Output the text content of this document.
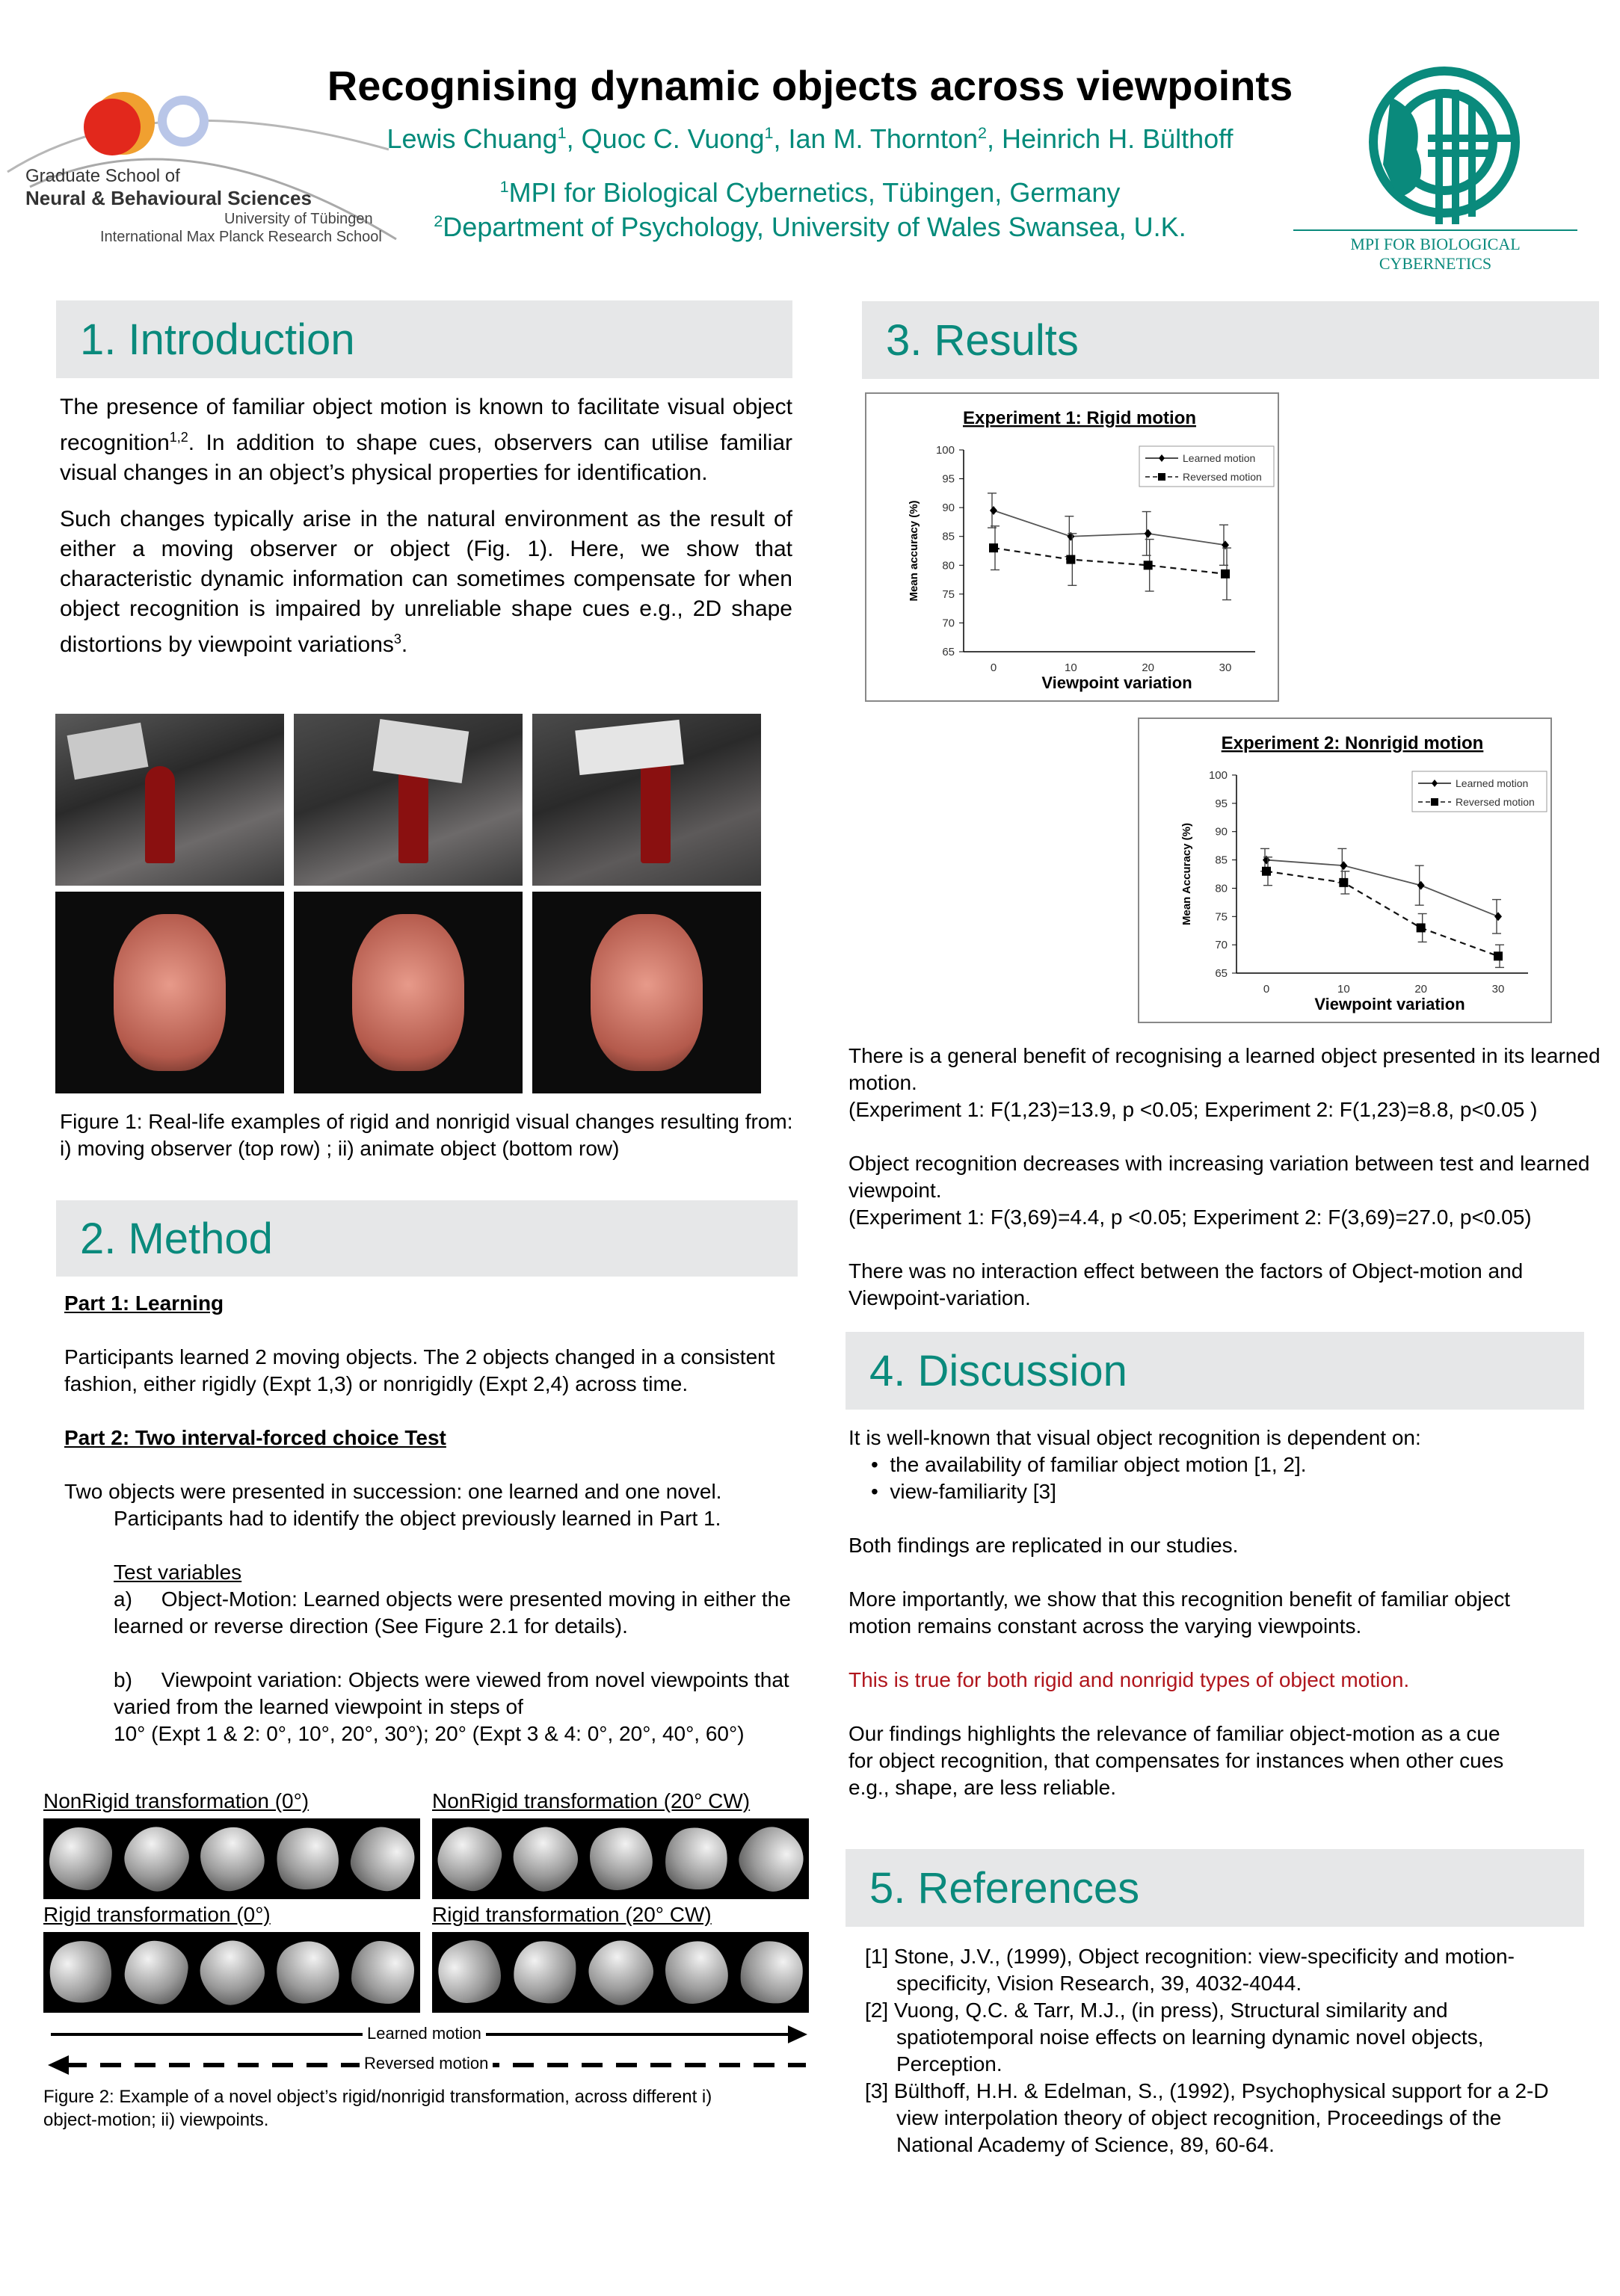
Graduate School of
Neural & Behavioural Sciences
University of Tübingen
International Max Planck Research School
Recognising dynamic objects across viewpoints
Lewis Chuang$^1$, Quoc C. Vuong$^1$, Ian M. Thornton$^2$, Heinrich H. Bülthoff
$^1$MPI for Biological Cybernetics, Tübingen, Germany
$^2$Department of Psychology, University of Wales Swansea, U.K.
MPI FOR BIOLOGICAL CYBERNETICS
1. Introduction

The presence of familiar object motion is known to facilitate visual object recognition$^{1,2}$. In addition to shape cues, observers can utilise familiar visual changes in an object’s physical properties for identification.

Such changes typically arise in the natural environment as the result of either a moving observer or object (Fig. 1). Here, we show that characteristic dynamic information can sometimes compensate for when object recognition is impaired by unreliable shape cues e.g., 2D shape distortions by viewpoint variations$^3$.

Figure 1: Real-life examples of rigid and nonrigid visual changes resulting from: i) moving observer (top row) ; ii) animate object (bottom row)
2. Method
Part 1: Learning
Participants learned 2 moving objects. The 2 objects changed in a consistent fashion, either rigidly (Expt 1,3) or nonrigidly (Expt 2,4) across time.
Part 2: Two interval-forced choice Test
Two objects were presented in succession: one learned and one novel.
Participants had to identify the object previously learned in Part 1.
Test variables
a)     Object-Motion: Learned objects were presented moving in either the learned or reverse direction (See Figure 2.1 for details).
b)     Viewpoint variation: Objects were viewed from novel viewpoints that varied from the learned viewpoint in steps of
10° (Expt 1 & 2: 0°, 10°, 20°, 30°); 20° (Expt 3 & 4: 0°, 20°, 40°, 60°)
NonRigid transformation (0°)	NonRigid transformation (20° CW)
Rigid transformation (0°)	Rigid transformation (20° CW)
Learned motion
Reversed motion
Figure 2: Example of a novel object’s rigid/nonrigid transformation, across different i) object-motion; ii) viewpoints.
3. Results
Experiment 1: Rigid motion
65
70
75
80
85
90
95
100
0	10	20	30
Viewpoint variation
Mean accuracy (%)
Learned motion
Reversed motion
Experiment 2: Nonrigid motion
65
70
75
80
85
90
95
100
0	10	20	30
Viewpoint variation
Mean Accuracy (%)
Learned motion
Reversed motion
There is a general benefit of recognising a learned object presented in its learned motion.
(Experiment 1: F(1,23)=13.9, p <0.05; Experiment 2: F(1,23)=8.8, p<0.05 )
Object recognition decreases with increasing variation between test and learned viewpoint.
(Experiment 1: F(3,69)=4.4, p <0.05; Experiment 2: F(3,69)=27.0, p<0.05)
There was no interaction effect between the factors of Object-motion and Viewpoint-variation.
4. Discussion
It is well-known that visual object recognition is dependent on:
•  the availability of familiar object motion [1, 2].
•  view-familiarity [3]
Both findings are replicated in our studies.
More importantly, we show that this recognition benefit of familiar object motion remains constant across the varying viewpoints.
This is true for both rigid and nonrigid types of object motion.
Our findings highlights the relevance of familiar object-motion as a cue for object recognition, that compensates for instances when other cues e.g., shape, are less reliable.
5. References

[1] Stone, J.V., (1999), Object recognition: view-specificity and motion-specificity, Vision Research, 39, 4032-4044.

[2] Vuong, Q.C. & Tarr, M.J., (in press), Structural similarity and spatiotemporal noise effects on learning dynamic novel objects, Perception.

[3] Bülthoff, H.H. & Edelman, S., (1992), Psychophysical support for a 2-D view interpolation theory of object recognition, Proceedings of the National Academy of Science, 89, 60-64.
